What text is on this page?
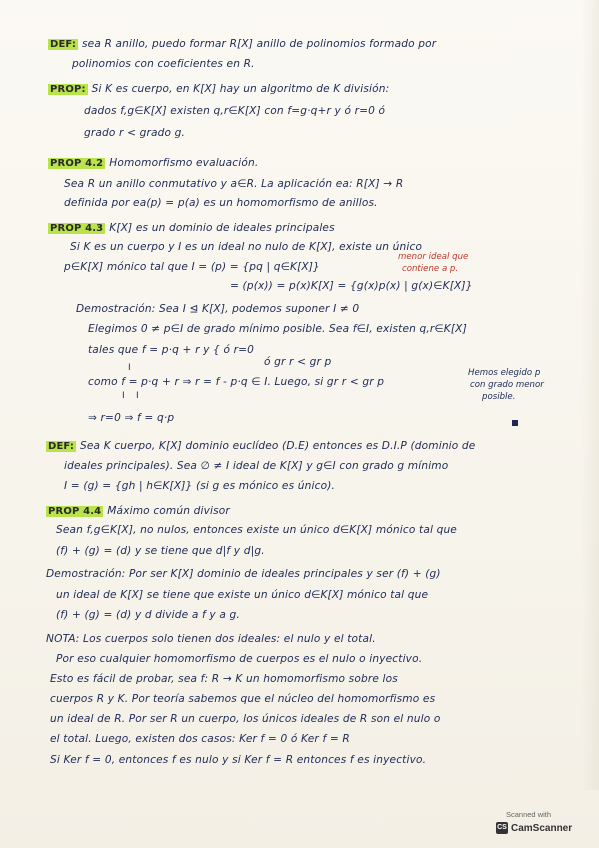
DEF: sea R anillo, puedo formar R[X] anillo de polinomios formado por
polinomios con coeficientes en R.
PROP: Si K es cuerpo, en K[X] hay un algoritmo de K división:
dados f,g∈K[X] existen q,r∈K[X] con f=g·q+r y ó r=0 ó
grado r < grado g.
PROP 4.2 Homomorfismo evaluación.
Sea R un anillo conmutativo y a∈R. La aplicación ea: R[X] → R
definida por ea(p) = p(a) es un homomorfismo de anillos.
PROP 4.3 K[X] es un dominio de ideales principales
Si K es un cuerpo y I es un ideal no nulo de K[X], existe un único
p∈K[X] mónico tal que I = (p) = {pq | q∈K[X]}
menor ideal que
contiene a p.
= (p(x)) = p(x)K[X] = {g(x)p(x) | g(x)∈K[X]}
Demostración: Sea I ⊴ K[X], podemos suponer I ≠ 0
Elegimos 0 ≠ p∈I de grado mínimo posible. Sea f∈I, existen q,r∈K[X]
tales que f = p·q + r y { ó r=0
ó gr r < gr p
I
como f = p·q + r ⇒ r = f - p·q ∈ I. Luego, si gr r < gr p
I I
Hemos elegido p
con grado menor
posible.
⇒ r=0 ⇒ f = q·p
DEF: Sea K cuerpo, K[X] dominio euclídeo (D.E) entonces es D.I.P (dominio de
ideales principales). Sea ∅ ≠ I ideal de K[X] y g∈I con grado g mínimo
I = (g) = {gh | h∈K[X]} (si g es mónico es único).
PROP 4.4 Máximo común divisor
Sean f,g∈K[X], no nulos, entonces existe un único d∈K[X] mónico tal que
(f) + (g) = (d) y se tiene que d|f y d|g.
Demostración: Por ser K[X] dominio de ideales principales y ser (f) + (g)
un ideal de K[X] se tiene que existe un único d∈K[X] mónico tal que
(f) + (g) = (d) y d divide a f y a g.
NOTA: Los cuerpos solo tienen dos ideales: el nulo y el total.
Por eso cualquier homomorfismo de cuerpos es el nulo o inyectivo.
Esto es fácil de probar, sea f: R → K un homomorfismo sobre los
cuerpos R y K. Por teoría sabemos que el núcleo del homomorfismo es
un ideal de R. Por ser R un cuerpo, los únicos ideales de R son el nulo o
el total. Luego, existen dos casos: Ker f = 0 ó Ker f = R
Si Ker f = 0, entonces f es nulo y si Ker f = R entonces f es inyectivo.
Scanned with
CS CamScanner
